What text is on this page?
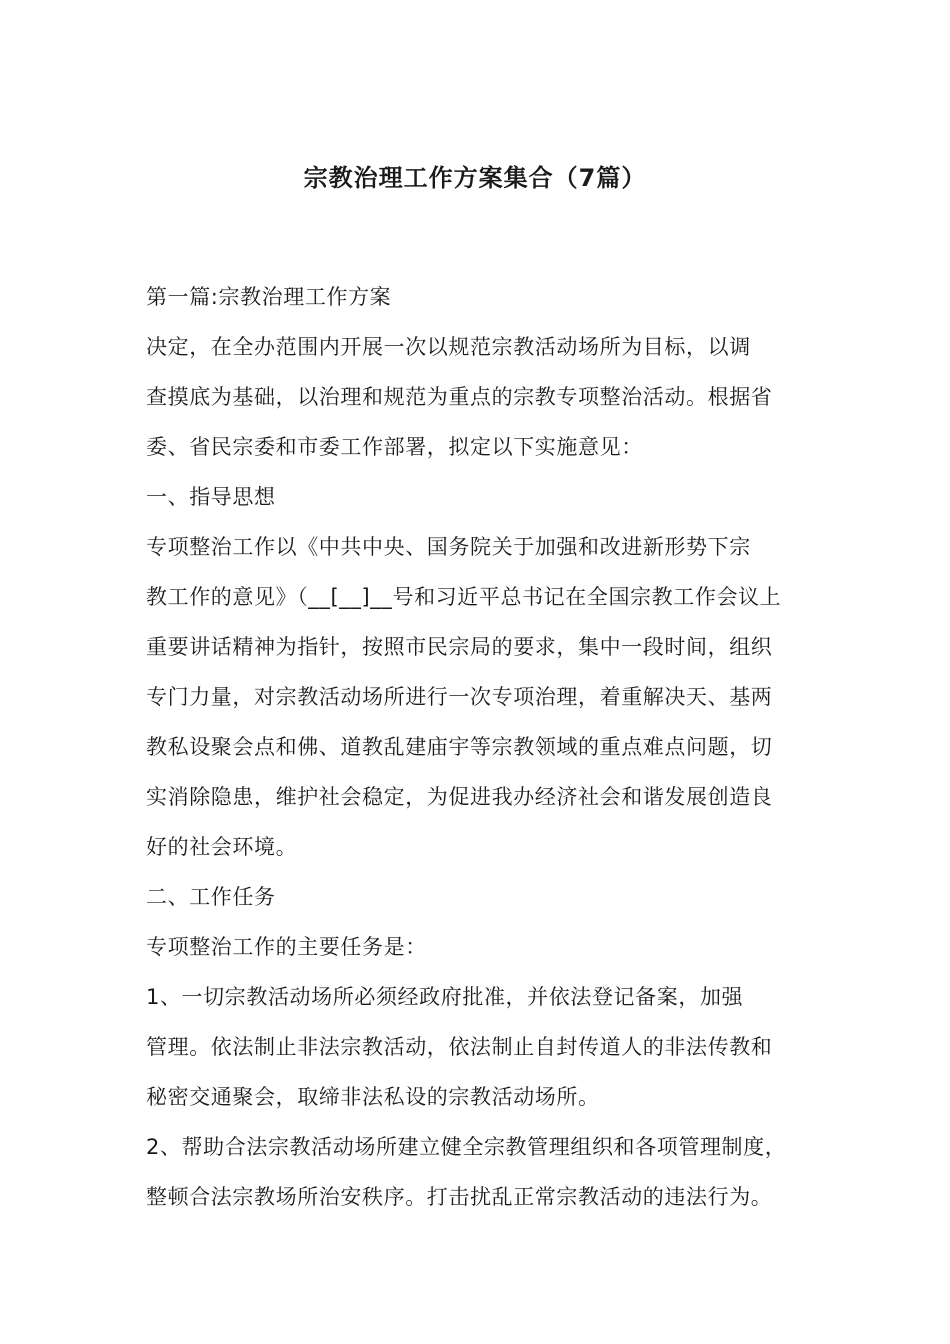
宗教治理工作方案集合（7篇）

第一篇:宗教治理工作方案

决定，在全办范围内开展一次以规范宗教活动场所为目标，以调

查摸底为基础，以治理和规范为重点的宗教专项整治活动。根据省

委、省民宗委和市委工作部署，拟定以下实施意见：

一、指导思想

专项整治工作以《中共中央、国务院关于加强和改进新形势下宗

教工作的意见》（__[__]__号和习近平总书记在全国宗教工作会议上

重要讲话精神为指针，按照市民宗局的要求，集中一段时间，组织

专门力量，对宗教活动场所进行一次专项治理，着重解决天、基两

教私设聚会点和佛、道教乱建庙宇等宗教领域的重点难点问题，切

实消除隐患，维护社会稳定，为促进我办经济社会和谐发展创造良

好的社会环境。

二、工作任务

专项整治工作的主要任务是：

1、一切宗教活动场所必须经政府批准，并依法登记备案，加强

管理。依法制止非法宗教活动，依法制止自封传道人的非法传教和

秘密交通聚会，取缔非法私设的宗教活动场所。

2、帮助合法宗教活动场所建立健全宗教管理组织和各项管理制度，

整顿合法宗教场所治安秩序。打击扰乱正常宗教活动的违法行为。
